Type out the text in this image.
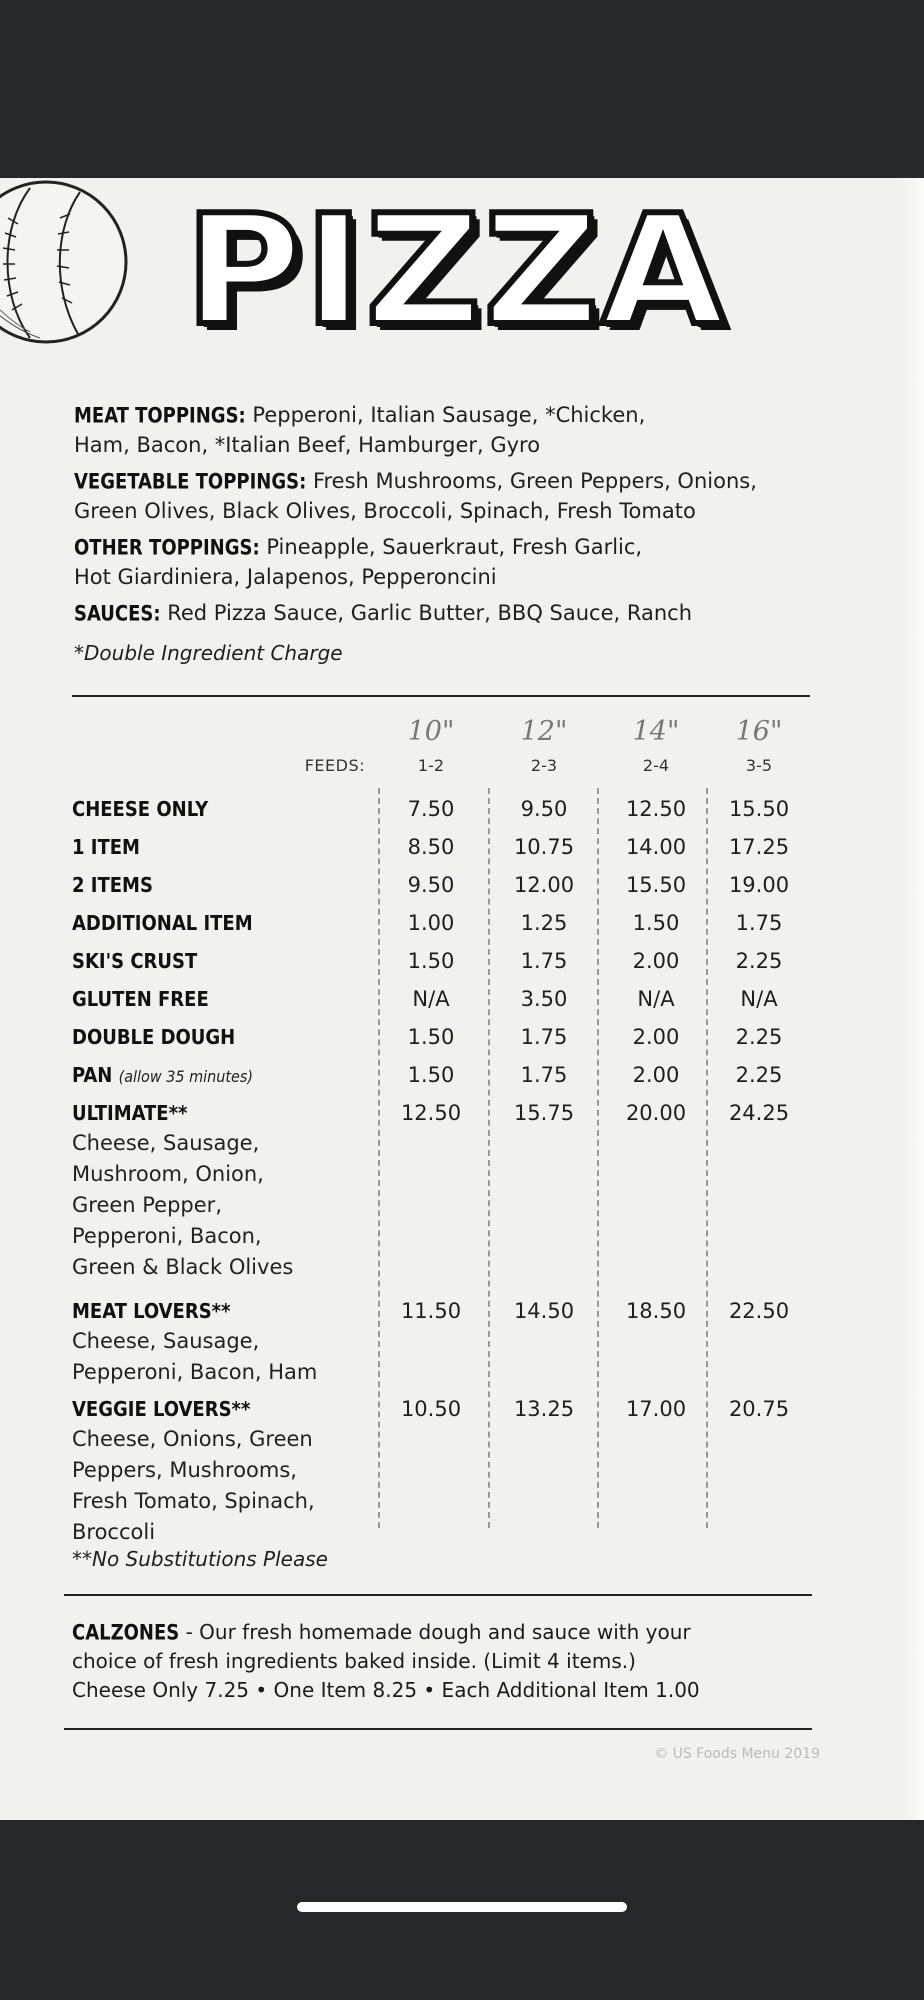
PIZZA
MEAT TOPPINGS: Pepperoni, Italian Sausage, *Chicken,
Ham, Bacon, *Italian Beef, Hamburger, Gyro
VEGETABLE TOPPINGS: Fresh Mushrooms, Green Peppers, Onions,
Green Olives, Black Olives, Broccoli, Spinach, Fresh Tomato
OTHER TOPPINGS: Pineapple, Sauerkraut, Fresh Garlic,
Hot Giardiniera, Jalapenos, Pepperoncini
SAUCES: Red Pizza Sauce, Garlic Butter, BBQ Sauce, Ranch
*Double Ingredient Charge
FEEDS:
10"	12"	14"	16"
1-2	2-3	2-4	3-5
CHEESE ONLY	7.50	9.50	12.50	15.50
1 ITEM	8.50	10.75	14.00	17.25
2 ITEMS	9.50	12.00	15.50	19.00
ADDITIONAL ITEM	1.00	1.25	1.50	1.75
SKI'S CRUST	1.50	1.75	2.00	2.25
GLUTEN FREE	N/A	3.50	N/A	N/A
DOUBLE DOUGH	1.50	1.75	2.00	2.25
PAN (allow 35 minutes)	1.50	1.75	2.00	2.25
ULTIMATE**	12.50	15.75	20.00	24.25
Cheese, Sausage,
Mushroom, Onion,
Green Pepper,
Pepperoni, Bacon,
Green & Black Olives
MEAT LOVERS**	11.50	14.50	18.50	22.50
Cheese, Sausage,
Pepperoni, Bacon, Ham
VEGGIE LOVERS**	10.50	13.25	17.00	20.75
Cheese, Onions, Green
Peppers, Mushrooms,
Fresh Tomato, Spinach,
Broccoli
**No Substitutions Please
CALZONES - Our fresh homemade dough and sauce with your
choice of fresh ingredients baked inside. (Limit 4 items.)
Cheese Only 7.25 • One Item 8.25 • Each Additional Item 1.00
© US Foods Menu 2019
